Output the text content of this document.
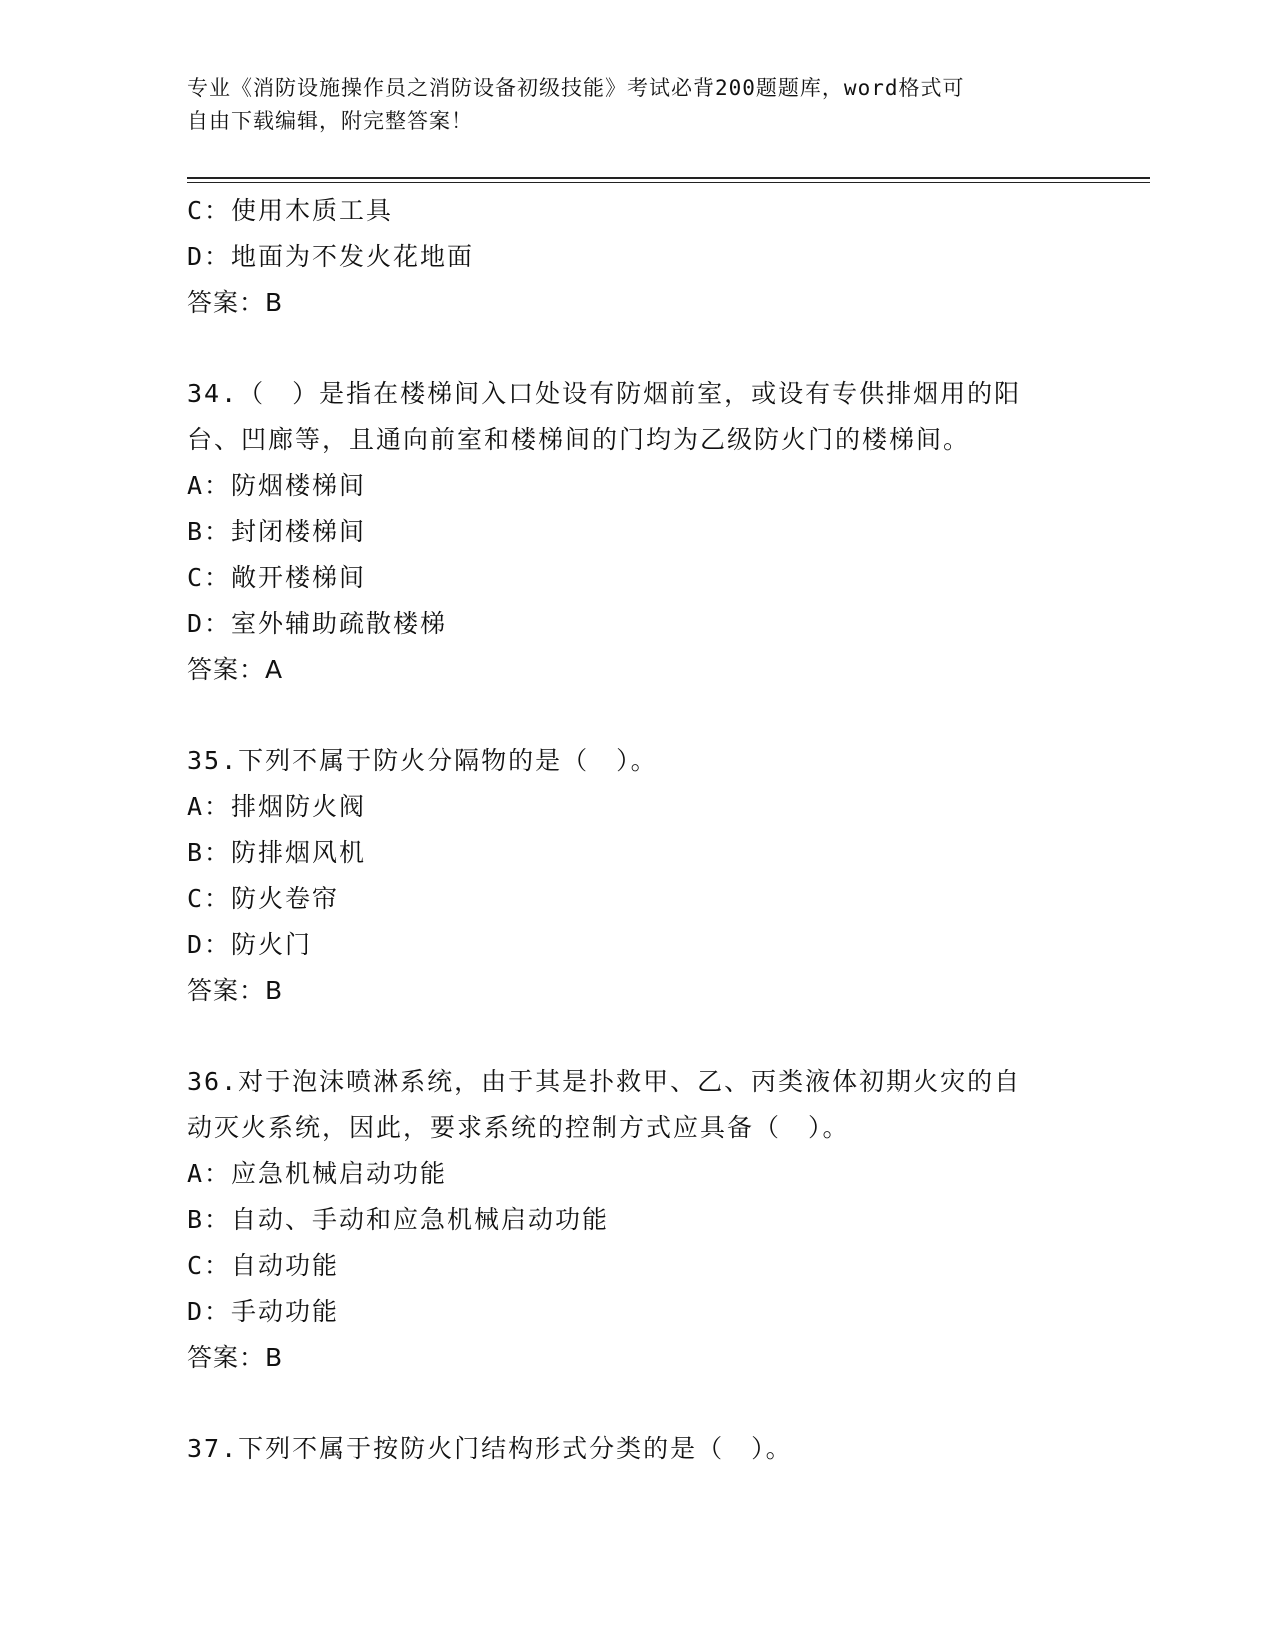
专业《消防设施操作员之消防设备初级技能》考试必背200题题库，word格式可
自由下载编辑，附完整答案！
C：使用木质工具
D：地面为不发火花地面
答案：B
34.（　）是指在楼梯间入口处设有防烟前室，或设有专供排烟用的阳
台、凹廊等，且通向前室和楼梯间的门均为乙级防火门的楼梯间。
A：防烟楼梯间
B：封闭楼梯间
C：敞开楼梯间
D：室外辅助疏散楼梯
答案：A
35.下列不属于防火分隔物的是（　）。
A：排烟防火阀
B：防排烟风机
C：防火卷帘
D：防火门
答案：B
36.对于泡沫喷淋系统，由于其是扑救甲、乙、丙类液体初期火灾的自
动灭火系统，因此，要求系统的控制方式应具备（　）。
A：应急机械启动功能
B：自动、手动和应急机械启动功能
C：自动功能
D：手动功能
答案：B
37.下列不属于按防火门结构形式分类的是（　）。
